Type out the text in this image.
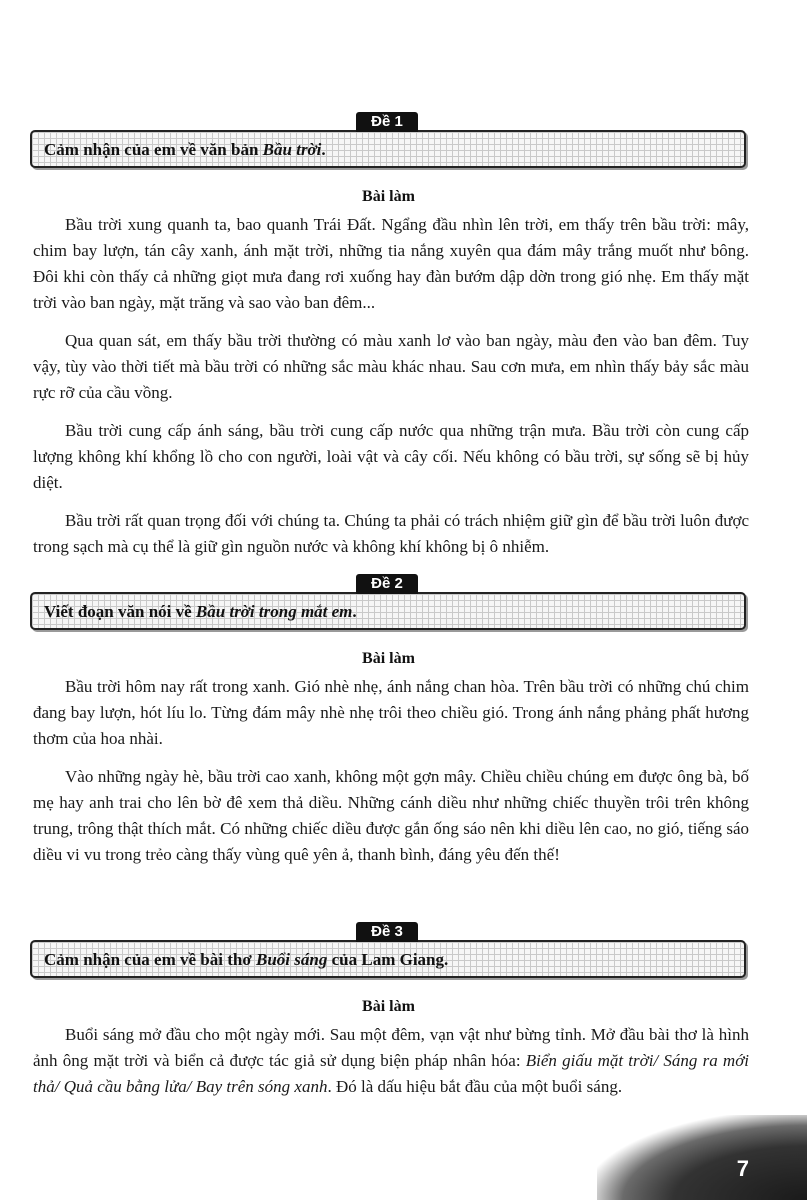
Đề 1
Cảm nhận của em về văn bản Bầu trời.
Bài làm

Bầu trời xung quanh ta, bao quanh Trái Đất. Ngẩng đầu nhìn lên trời, em thấy trên bầu trời: mây, chim bay lượn, tán cây xanh, ánh mặt trời, những tia nắng xuyên qua đám mây trắng muốt như bông. Đôi khi còn thấy cả những giọt mưa đang rơi xuống hay đàn bướm dập dờn trong gió nhẹ. Em thấy mặt trời vào ban ngày, mặt trăng và sao vào ban đêm...

Qua quan sát, em thấy bầu trời thường có màu xanh lơ vào ban ngày, màu đen vào ban đêm. Tuy vậy, tùy vào thời tiết mà bầu trời có những sắc màu khác nhau. Sau cơn mưa, em nhìn thấy bảy sắc màu rực rỡ của cầu vồng.

Bầu trời cung cấp ánh sáng, bầu trời cung cấp nước qua những trận mưa. Bầu trời còn cung cấp lượng không khí khổng lồ cho con người, loài vật và cây cối. Nếu không có bầu trời, sự sống sẽ bị hủy diệt.

Bầu trời rất quan trọng đối với chúng ta. Chúng ta phải có trách nhiệm giữ gìn để bầu trời luôn được trong sạch mà cụ thể là giữ gìn nguồn nước và không khí không bị ô nhiễm.

Đề 2
Viết đoạn văn nói về Bầu trời trong mắt em.
Bài làm

Bầu trời hôm nay rất trong xanh. Gió nhè nhẹ, ánh nắng chan hòa. Trên bầu trời có những chú chim đang bay lượn, hót líu lo. Từng đám mây nhè nhẹ trôi theo chiều gió. Trong ánh nắng phảng phất hương thơm của hoa nhài.

Vào những ngày hè, bầu trời cao xanh, không một gợn mây. Chiều chiều chúng em được ông bà, bố mẹ hay anh trai cho lên bờ đê xem thả diều. Những cánh diều như những chiếc thuyền trôi trên không trung, trông thật thích mắt. Có những chiếc diều được gắn ống sáo nên khi diều lên cao, no gió, tiếng sáo diều vi vu trong trẻo càng thấy vùng quê yên ả, thanh bình, đáng yêu đến thế!

Đề 3
Cảm nhận của em về bài thơ Buổi sáng của Lam Giang.
Bài làm

Buổi sáng mở đầu cho một ngày mới. Sau một đêm, vạn vật như bừng tỉnh. Mở đầu bài thơ là hình ảnh ông mặt trời và biển cả được tác giả sử dụng biện pháp nhân hóa: Biển giấu mặt trời/ Sáng ra mới thả/ Quả cầu bằng lửa/ Bay trên sóng xanh. Đó là dấu hiệu bắt đầu của một buổi sáng.

7
